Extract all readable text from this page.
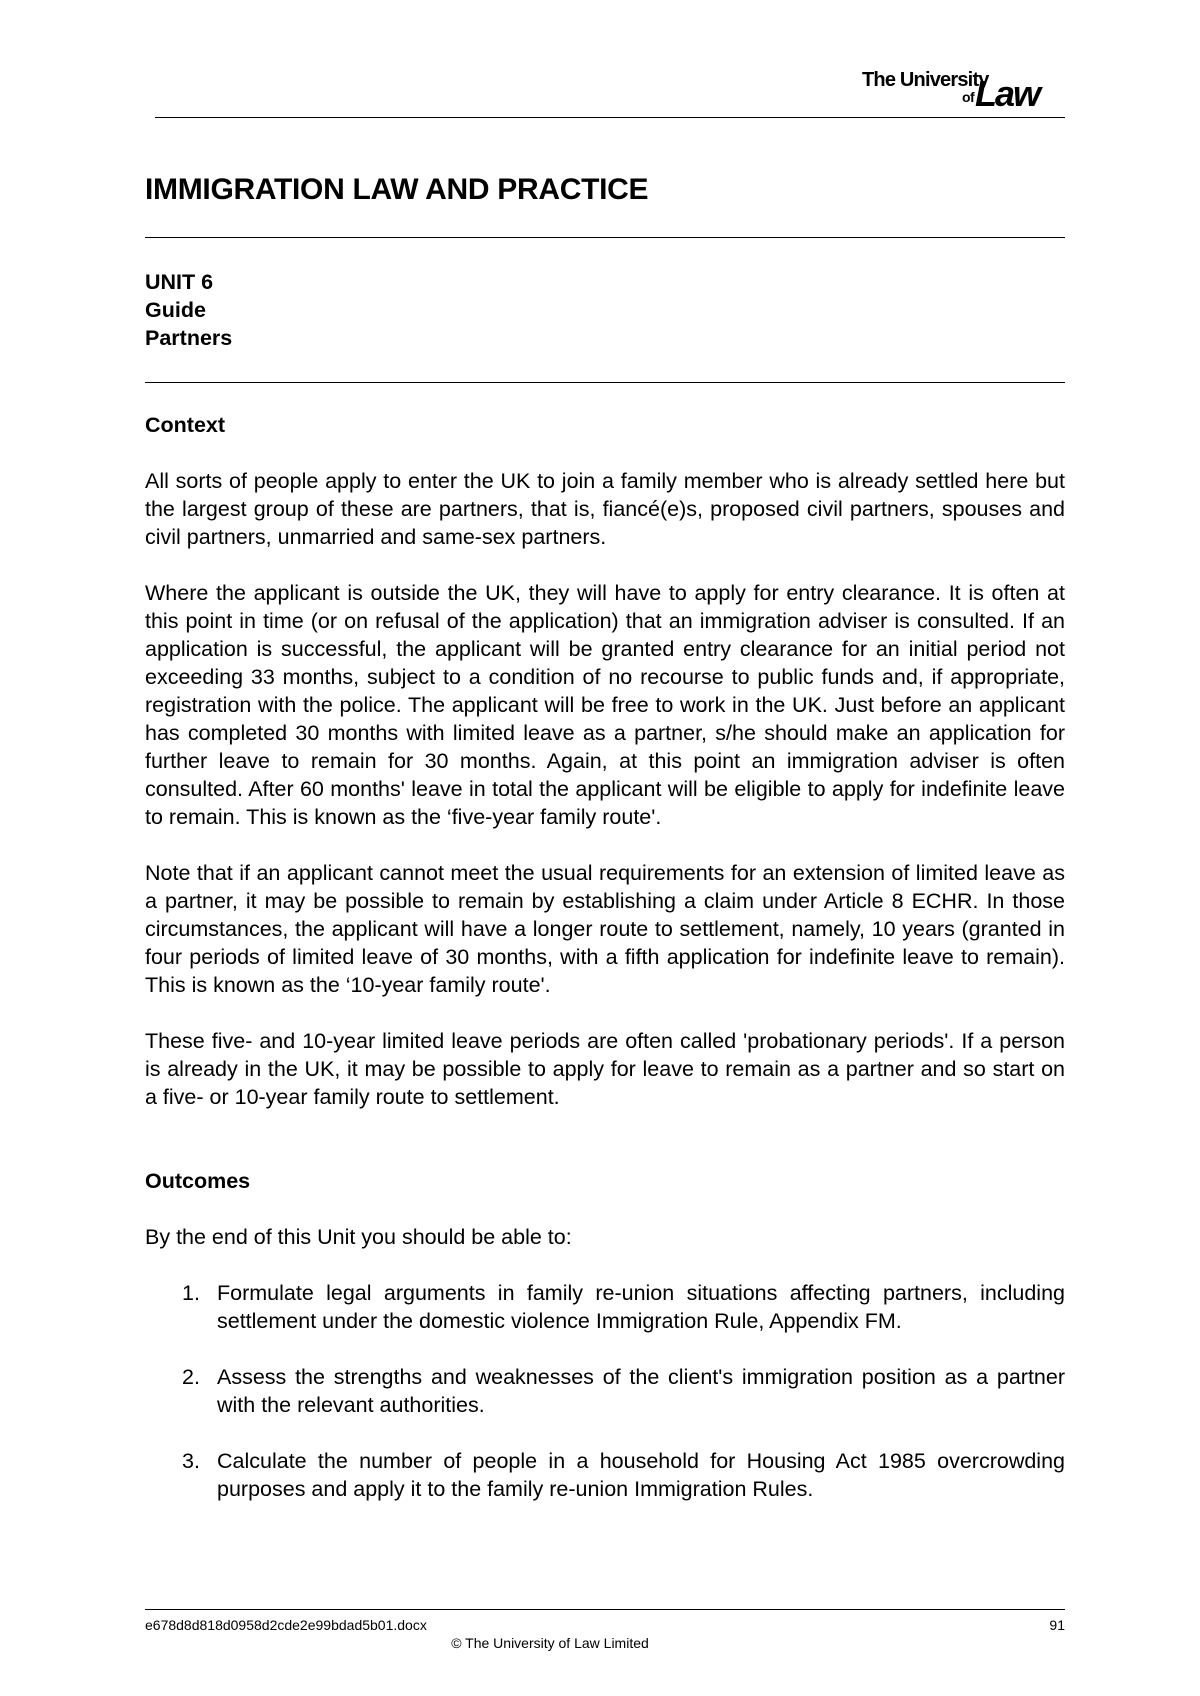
The University
of Law
IMMIGRATION LAW AND PRACTICE
UNIT 6
Guide
Partners
Context

All sorts of people apply to enter the UK to join a family member who is already settled here but the largest group of these are partners, that is, fiancé(e)s, proposed civil partners, spouses and civil partners, unmarried and same-sex partners.

Where the applicant is outside the UK, they will have to apply for entry clearance. It is often at this point in time (or on refusal of the application) that an immigration adviser is consulted. If an application is successful, the applicant will be granted entry clearance for an initial period not exceeding 33 months, subject to a condition of no recourse to public funds and, if appropriate, registration with the police. The applicant will be free to work in the UK. Just before an applicant has completed 30 months with limited leave as a partner, s/he should make an application for further leave to remain for 30 months. Again, at this point an immigration adviser is often consulted. After 60 months' leave in total the applicant will be eligible to apply for indefinite leave to remain. This is known as the ‘five-year family route'.

Note that if an applicant cannot meet the usual requirements for an extension of limited leave as a partner, it may be possible to remain by establishing a claim under Article 8 ECHR. In those circumstances, the applicant will have a longer route to settlement, namely, 10 years (granted in four periods of limited leave of 30 months, with a fifth application for indefinite leave to remain). This is known as the ‘10-year family route'.

These five- and 10-year limited leave periods are often called 'probationary periods'. If a person is already in the UK, it may be possible to apply for leave to remain as a partner and so start on a five- or 10-year family route to settlement.

Outcomes

By the end of this Unit you should be able to:

1. Formulate legal arguments in family re-union situations affecting partners, including settlement under the domestic violence Immigration Rule, Appendix FM.
2. Assess the strengths and weaknesses of the client's immigration position as a partner with the relevant authorities.
3. Calculate the number of people in a household for Housing Act 1985 overcrowding purposes and apply it to the family re-union Immigration Rules.
e678d8d818d0958d2cde2e99bdad5b01.docx	91
© The University of Law Limited
